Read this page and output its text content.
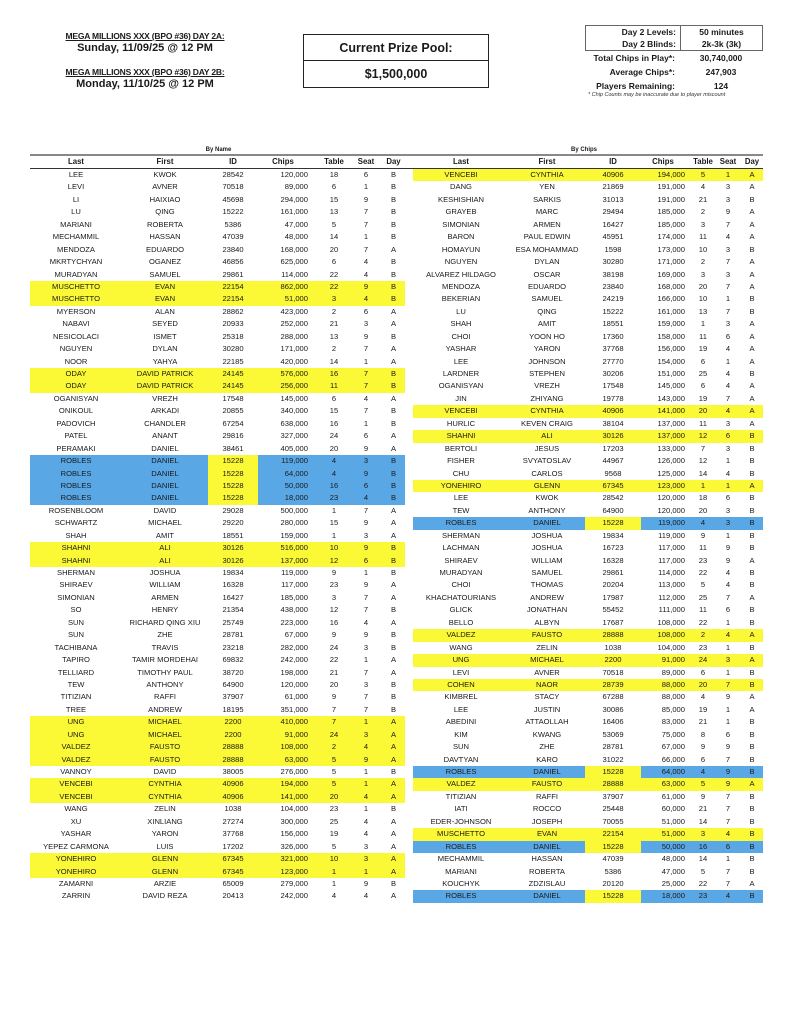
MEGA MILLIONS XXX (BPO #36) DAY 2A:
Sunday, 11/09/25 @ 12 PM
MEGA MILLIONS XXX (BPO #36) DAY 2B:
Monday, 11/10/25 @ 12 PM
Current Prize Pool:
$1,500,000
Day 2 Levels:	50 minutes
Day 2 Blinds:	2k-3k (3k)
Total Chips in Play*:	30,740,000
Average Chips*:	247,903
Players Remaining:	124
* Chip Counts may be inaccurate due to player miscount
By Name
Last	First	ID	Chips	Table	Seat	Day
LEE	KWOK	28542	120,000	18	6	B
LEVI	AVNER	70518	89,000	6	1	B
LI	HAIXIAO	45698	294,000	15	9	B
LU	QING	15222	161,000	13	7	B
MARIANI	ROBERTA	5386	47,000	5	7	B
MECHAMMIL	HASSAN	47039	48,000	14	1	B
MENDOZA	EDUARDO	23840	168,000	20	7	A
MKRTYCHYAN	OGANEZ	46856	625,000	6	4	B
MURADYAN	SAMUEL	29861	114,000	22	4	B
MUSCHETTO	EVAN	22154	862,000	22	9	B
MUSCHETTO	EVAN	22154	51,000	3	4	B
MYERSON	ALAN	28862	423,000	2	6	A
NABAVI	SEYED	20933	252,000	21	3	A
NESICOLACI	ISMET	25318	288,000	13	9	B
NGUYEN	DYLAN	30280	171,000	2	7	A
NOOR	YAHYA	22185	420,000	14	1	A
ODAY	DAVID PATRICK	24145	576,000	16	7	B
ODAY	DAVID PATRICK	24145	256,000	11	7	B
OGANISYAN	VREZH	17548	145,000	6	4	A
ONIKOUL	ARKADI	20855	340,000	15	7	B
PADOVICH	CHANDLER	67254	638,000	16	1	B
PATEL	ANANT	29816	327,000	24	6	A
PERAMAKI	DANIEL	38461	405,000	20	9	A
ROBLES	DANIEL	15228	119,000	4	3	B
ROBLES	DANIEL	15228	64,000	4	9	B
ROBLES	DANIEL	15228	50,000	16	6	B
ROBLES	DANIEL	15228	18,000	23	4	B
ROSENBLOOM	DAVID	29028	500,000	1	7	A
SCHWARTZ	MICHAEL	29220	280,000	15	9	A
SHAH	AMIT	18551	159,000	1	3	A
SHAHNI	ALI	30126	516,000	10	9	B
SHAHNI	ALI	30126	137,000	12	6	B
SHERMAN	JOSHUA	19834	119,000	9	1	B
SHIRAEV	WILLIAM	16328	117,000	23	9	A
SIMONIAN	ARMEN	16427	185,000	3	7	A
SO	HENRY	21354	438,000	12	7	B
SUN	RICHARD QING XIU	25749	223,000	16	4	A
SUN	ZHE	28781	67,000	9	9	B
TACHIBANA	TRAVIS	23218	282,000	24	3	B
TAPIRO	TAMIR MORDEHAI	69832	242,000	22	1	A
TELLIARD	TIMOTHY PAUL	38720	198,000	21	7	A
TEW	ANTHONY	64900	120,000	20	3	B
TITIZIAN	RAFFI	37907	61,000	9	7	B
TREE	ANDREW	18195	351,000	7	7	B
UNG	MICHAEL	2200	410,000	7	1	A
UNG	MICHAEL	2200	91,000	24	3	A
VALDEZ	FAUSTO	28888	108,000	2	4	A
VALDEZ	FAUSTO	28888	63,000	5	9	A
VANNOY	DAVID	38005	276,000	5	1	B
VENCEBI	CYNTHIA	40906	194,000	5	1	A
VENCEBI	CYNTHIA	40906	141,000	20	4	A
WANG	ZELIN	1038	104,000	23	1	B
XU	XINLIANG	27274	300,000	25	4	A
YASHAR	YARON	37768	156,000	19	4	A
YEPEZ CARMONA	LUIS	17202	326,000	5	3	A
YONEHIRO	GLENN	67345	321,000	10	3	A
YONEHIRO	GLENN	67345	123,000	1	1	A
ZAMARNI	ARZIE	65009	279,000	1	9	B
ZARRIN	DAVID REZA	20413	242,000	4	4	A
By Chips
Last	First	ID	Chips	Table Seat	Day
VENCEBI	CYNTHIA	40906	194,000	5	1	A
DANG	YEN	21869	191,000	4	3	A
KESHISHIAN	SARKIS	31013	191,000	21	3	B
GRAYEB	MARC	29494	185,000	2	9	A
SIMONIAN	ARMEN	16427	185,000	3	7	A
BARON	PAUL EDWIN	45951	174,000	11	4	A
HOMAYUN	ESA MOHAMMAD	1598	173,000	10	3	B
NGUYEN	DYLAN	30280	171,000	2	7	A
ALVAREZ HILDAGO	OSCAR	38198	169,000	3	3	A
MENDOZA	EDUARDO	23840	168,000	20	7	A
BEKERIAN	SAMUEL	24219	166,000	10	1	B
LU	QING	15222	161,000	13	7	B
SHAH	AMIT	18551	159,000	1	3	A
CHOI	YOON HO	17360	158,000	11	6	A
YASHAR	YARON	37768	156,000	19	4	A
LEE	JOHNSON	27770	154,000	6	1	A
LARDNER	STEPHEN	30206	151,000	25	4	B
OGANISYAN	VREZH	17548	145,000	6	4	A
JIN	ZHIYANG	19778	143,000	19	7	A
VENCEBI	CYNTHIA	40906	141,000	20	4	A
HURLIC	KEVEN CRAIG	38104	137,000	11	3	A
SHAHNI	ALI	30126	137,000	12	6	B
BERTOLI	JESUS	17203	133,000	7	3	B
FISHER	SVYATOSLAV	44967	126,000	12	1	B
CHU	CARLOS	9568	125,000	14	4	B
YONEHIRO	GLENN	67345	123,000	1	1	A
LEE	KWOK	28542	120,000	18	6	B
TEW	ANTHONY	64900	120,000	20	3	B
ROBLES	DANIEL	15228	119,000	4	3	B
SHERMAN	JOSHUA	19834	119,000	9	1	B
LACHMAN	JOSHUA	16723	117,000	11	9	B
SHIRAEV	WILLIAM	16328	117,000	23	9	A
MURADYAN	SAMUEL	29861	114,000	22	4	B
CHOI	THOMAS	20204	113,000	5	4	B
KHACHATOURIANS	ANDREW	17987	112,000	25	7	A
GLICK	JONATHAN	55452	111,000	11	6	B
BELLO	ALBYN	17687	108,000	22	1	B
VALDEZ	FAUSTO	28888	108,000	2	4	A
WANG	ZELIN	1038	104,000	23	1	B
UNG	MICHAEL	2200	91,000	24	3	A
LEVI	AVNER	70518	89,000	6	1	B
COHEN	NAOR	28739	88,000	20	7	B
KIMBREL	STACY	67288	88,000	4	9	A
LEE	JUSTIN	30086	85,000	19	1	A
ABEDINI	ATTAOLLAH	16406	83,000	21	1	B
KIM	KWANG	53069	75,000	8	6	B
SUN	ZHE	28781	67,000	9	9	B
DAVTYAN	KARO	31022	66,000	6	7	B
ROBLES	DANIEL	15228	64,000	4	9	B
VALDEZ	FAUSTO	28888	63,000	5	9	A
TITIZIAN	RAFFI	37907	61,000	9	7	B
IATI	ROCCO	25448	60,000	21	7	B
EDER-JOHNSON	JOSEPH	70055	51,000	14	7	B
MUSCHETTO	EVAN	22154	51,000	3	4	B
ROBLES	DANIEL	15228	50,000	16	6	B
MECHAMMIL	HASSAN	47039	48,000	14	1	B
MARIANI	ROBERTA	5386	47,000	5	7	B
KOUCHYK	ZDZISLAU	20120	25,000	22	7	A
ROBLES	DANIEL	15228	18,000	23	4	B
